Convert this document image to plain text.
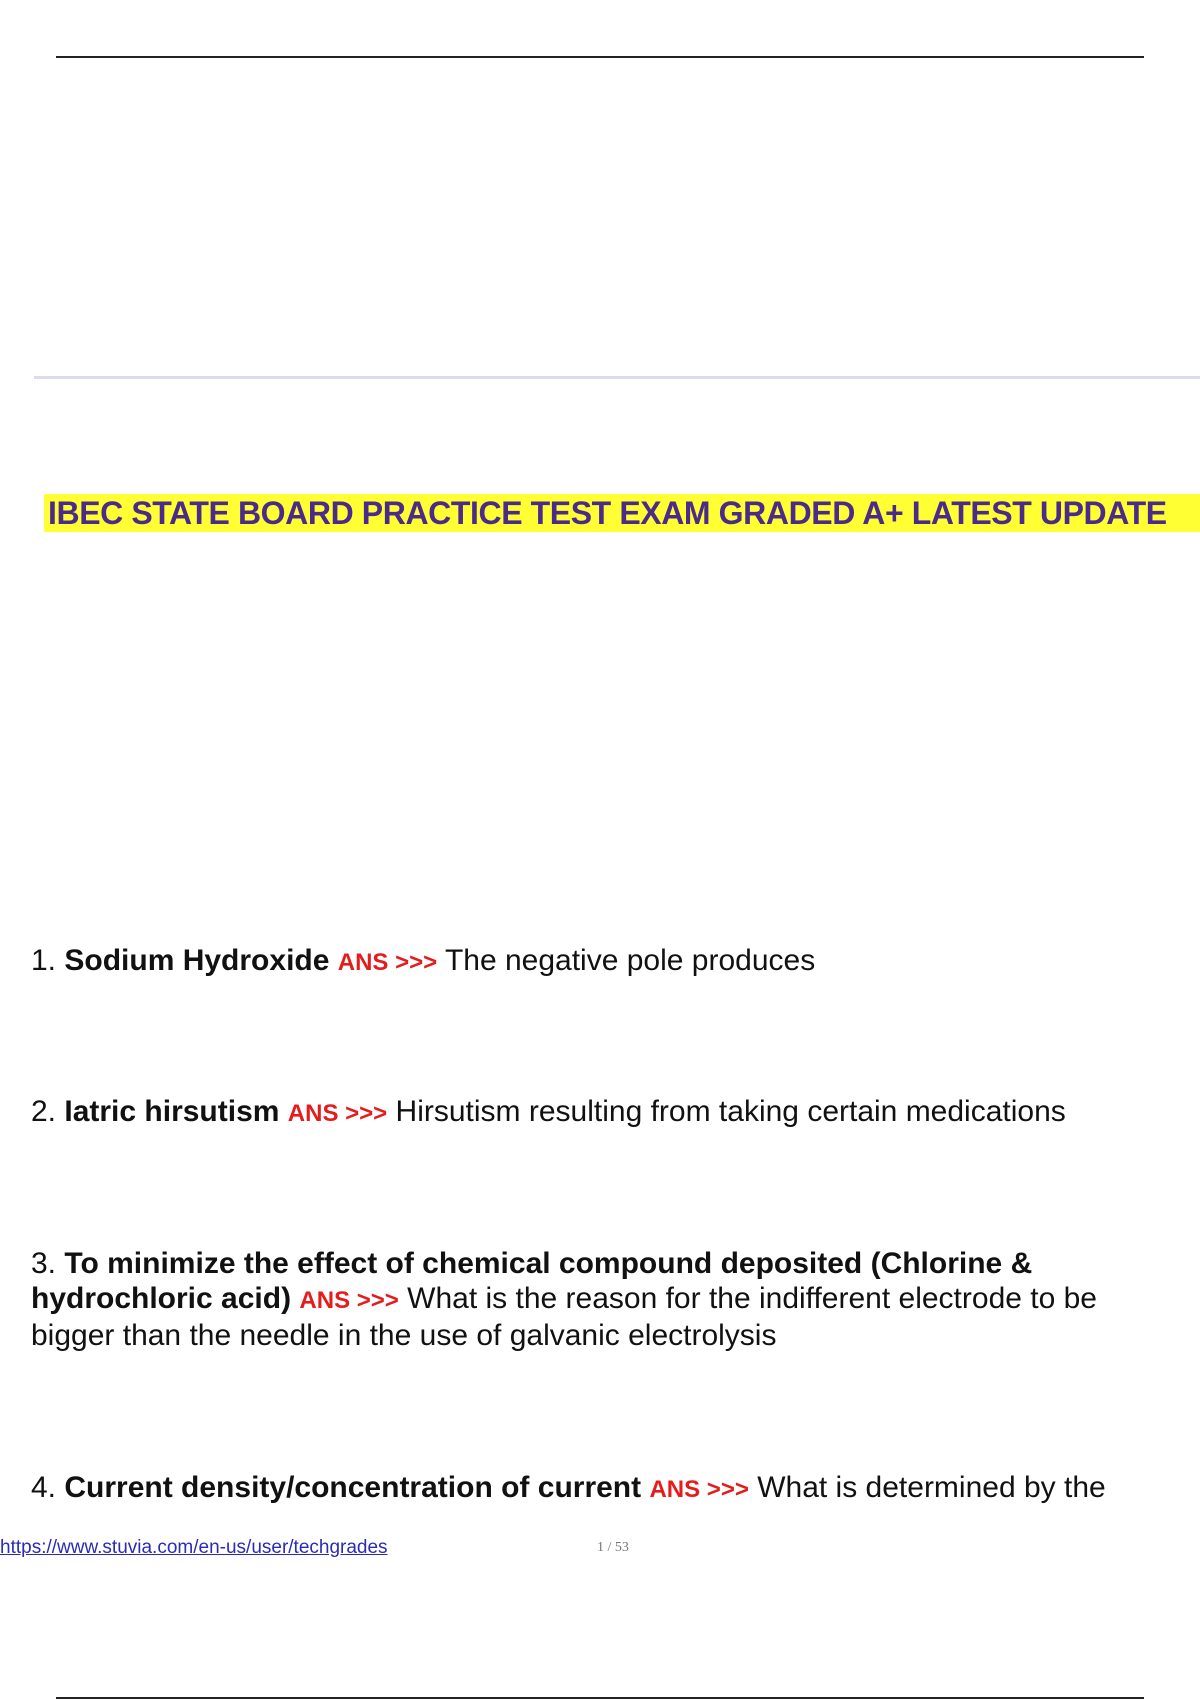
IBEC STATE BOARD PRACTICE TEST EXAM GRADED A+ LATEST UPDATE
1. Sodium Hydroxide ANS >>> The negative pole produces
2. Iatric hirsutism ANS >>> Hirsutism resulting from taking certain medications
3. To minimize the effect of chemical compound deposited (Chlorine & hydrochloric acid) ANS >>> What is the reason for the indifferent electrode to be bigger than the needle in the use of galvanic electrolysis
4. Current density/concentration of current ANS >>> What is determined by the
https://www.stuvia.com/en-us/user/techgrades	1 / 53
